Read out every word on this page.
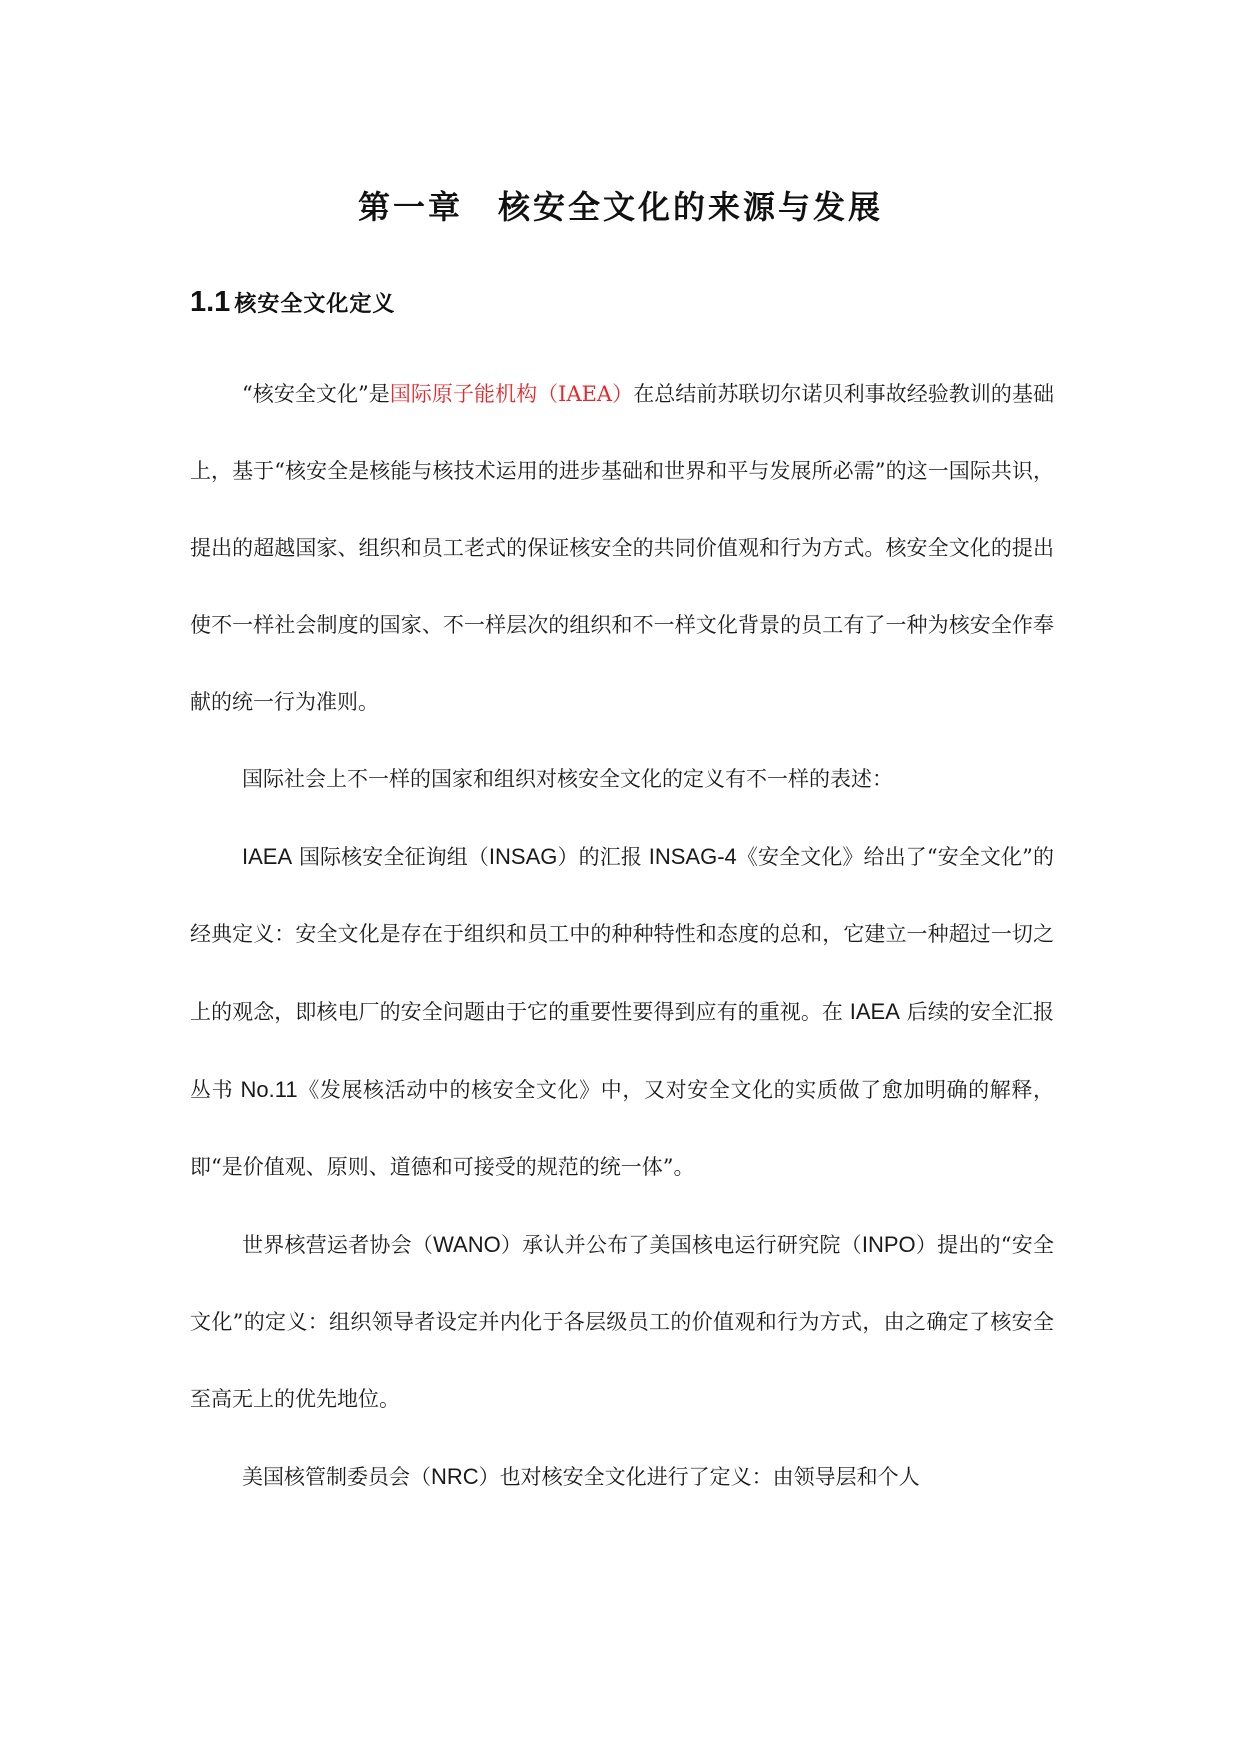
第一章　核安全文化的来源与发展
1.1 核安全文化定义

“核安全文化”是国际原子能机构（IAEA）在总结前苏联切尔诺贝利事故经验教训的基础上，基于“核安全是核能与核技术运用的进步基础和世界和平与发展所必需”的这一国际共识，提出的超越国家、组织和员工老式的保证核安全的共同价值观和行为方式。核安全文化的提出使不一样社会制度的国家、不一样层次的组织和不一样文化背景的员工有了一种为核安全作奉献的统一行为准则。

国际社会上不一样的国家和组织对核安全文化的定义有不一样的表述：

IAEA 国际核安全征询组（INSAG）的汇报 INSAG-4《安全文化》给出了“安全文化”的经典定义：安全文化是存在于组织和员工中的种种特性和态度的总和，它建立一种超过一切之上的观念，即核电厂的安全问题由于它的重要性要得到应有的重视。在 IAEA 后续的安全汇报丛书 No.11《发展核活动中的核安全文化》中，又对安全文化的实质做了愈加明确的解释，即“是价值观、原则、道德和可接受的规范的统一体”。

世界核营运者协会（WANO）承认并公布了美国核电运行研究院（INPO）提出的“安全文化”的定义：组织领导者设定并内化于各层级员工的价值观和行为方式，由之确定了核安全至高无上的优先地位。

美国核管制委员会（NRC）也对核安全文化进行了定义：由领导层和个人
